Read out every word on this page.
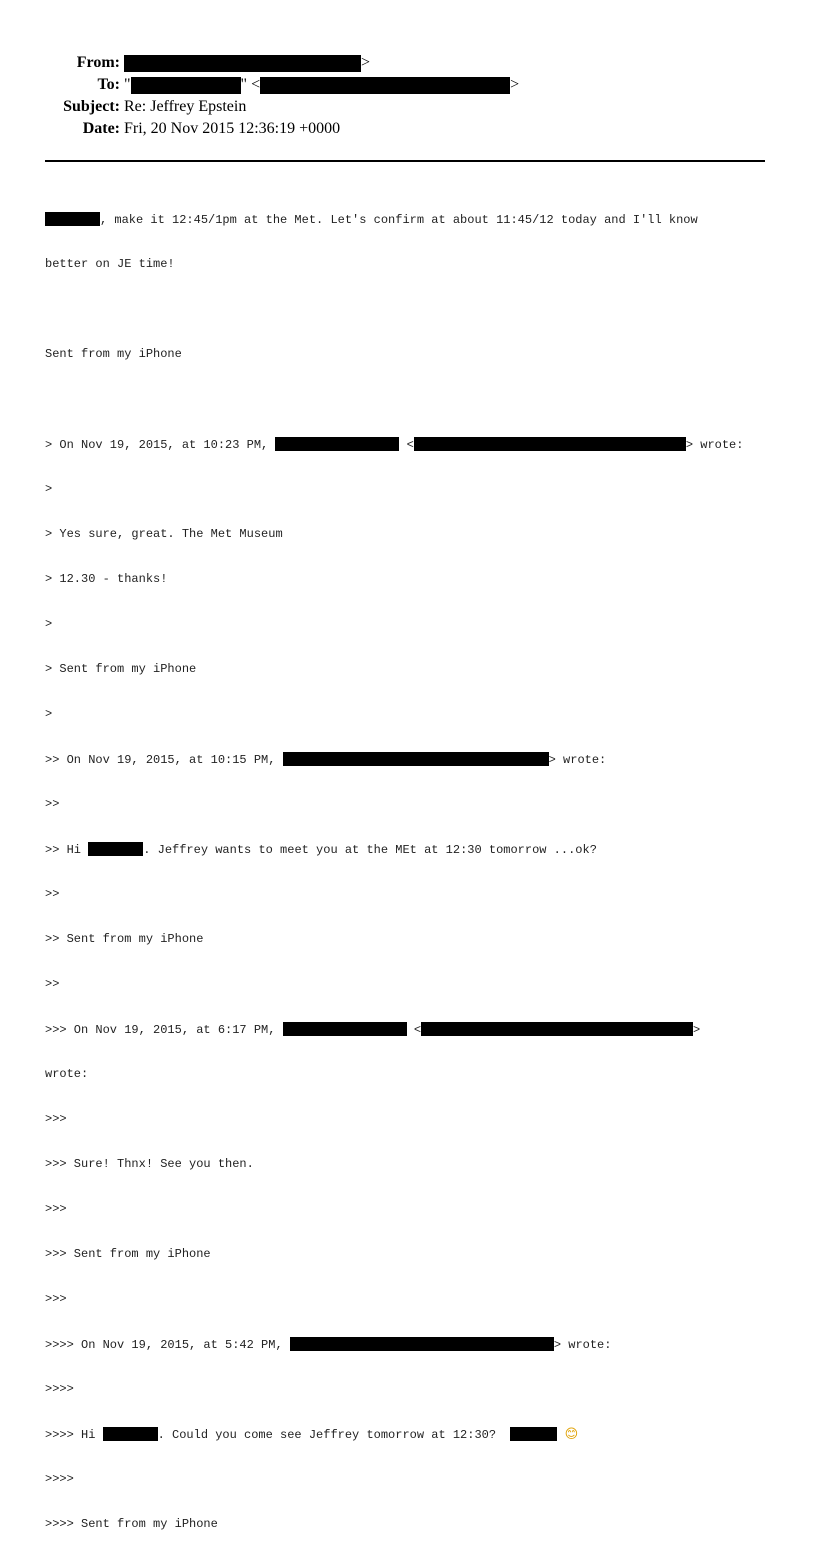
From:	>
To: "	" <	>
Subject: Re: Jeffrey Epstein
Date: Fri, 20 Nov 2015 12:36:19 +0000

, make it 12:45/1pm at the Met. Let's confirm at about 11:45/12 today and I'll know

better on JE time!

Sent from my iPhone

> On Nov 19, 2015, at 10:23 PM,	<	> wrote:

>

> Yes sure, great. The Met Museum

> 12.30 - thanks!

>

> Sent from my iPhone

>

>> On Nov 19, 2015, at 10:15 PM,	> wrote:

>>

>> Hi	. Jeffrey wants to meet you at the MEt at 12:30 tomorrow ...ok?

>>

>> Sent from my iPhone

>>

>>> On Nov 19, 2015, at 6:17 PM,	<	>

wrote:

>>>

>>> Sure! Thnx! See you then.

>>>

>>> Sent from my iPhone

>>>

>>>> On Nov 19, 2015, at 5:42 PM,	> wrote:

>>>>

>>>> Hi	. Could you come see Jeffrey tomorrow at 12:30?	😊

>>>>

>>>> Sent from my iPhone
